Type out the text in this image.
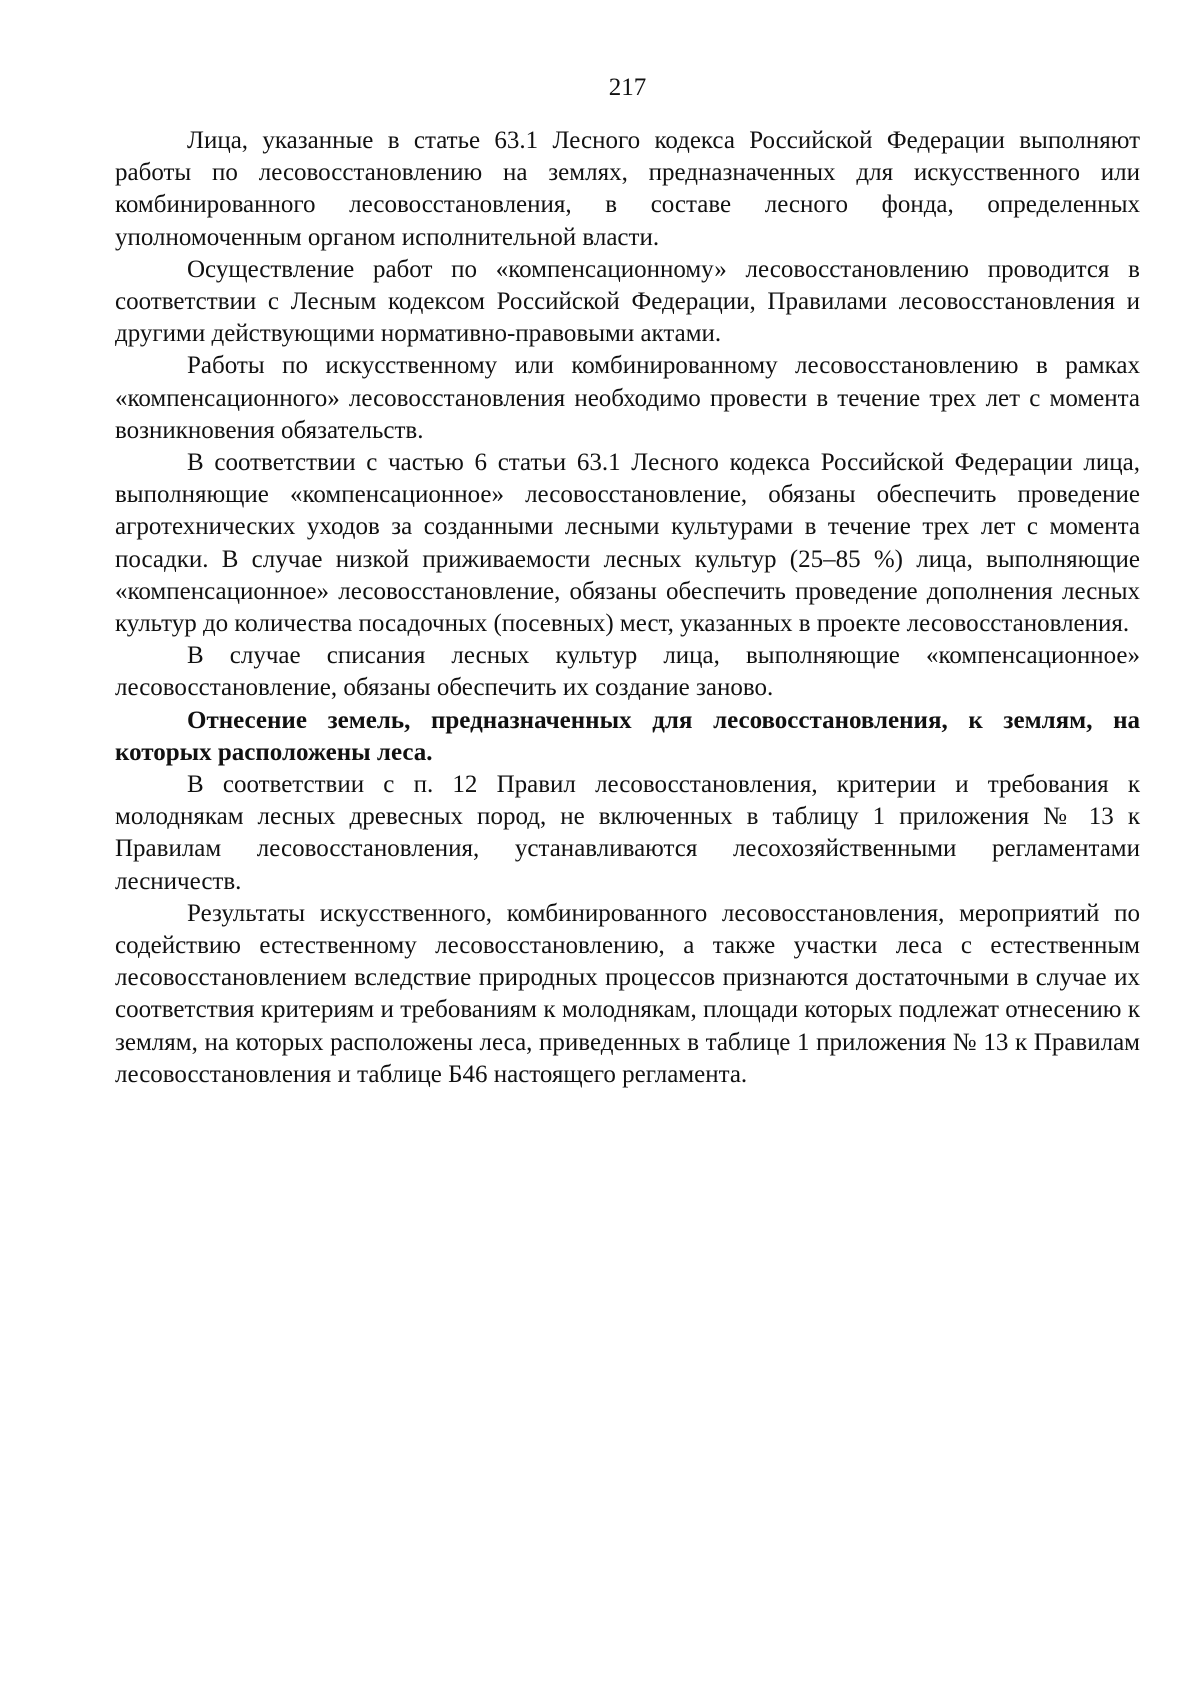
217

Лица, указанные в статье 63.1 Лесного кодекса Российской Федерации выполняют работы по лесовосстановлению на землях, предназначенных для искусственного или комбинированного лесовосстановления, в составе лесного фонда, определенных уполномоченным органом исполнительной власти.

Осуществление работ по «компенсационному» лесовосстановлению проводится в соответствии с Лесным кодексом Российской Федерации, Правилами лесовосстановления и другими действующими нормативно-правовыми актами.

Работы по искусственному или комбинированному лесовосстановлению в рамках «компенсационного» лесовосстановления необходимо провести в течение трех лет с момента возникновения обязательств.

В соответствии с частью 6 статьи 63.1 Лесного кодекса Российской Федерации лица, выполняющие «компенсационное» лесовосстановление, обязаны обеспечить проведение агротехнических уходов за созданными лесными культурами в течение трех лет с момента посадки. В случае низкой приживаемости лесных культур (25–85 %) лица, выполняющие «компенсационное» лесовосстановление, обязаны обеспечить проведение дополнения лесных культур до количества посадочных (посевных) мест, указанных в проекте лесовосстановления.

В случае списания лесных культур лица, выполняющие «компенсационное» лесовосстановление, обязаны обеспечить их создание заново.

Отнесение земель, предназначенных для лесовосстановления, к землям, на которых расположены леса.

В соответствии с п. 12 Правил лесовосстановления, критерии и требования к молоднякам лесных древесных пород, не включенных в таблицу 1 приложения № 13 к Правилам лесовосстановления, устанавливаются лесохозяйственными регламентами лесничеств.

Результаты искусственного, комбинированного лесовосстановления, мероприятий по содействию естественному лесовосстановлению, а также участки леса с естественным лесовосстановлением вследствие природных процессов признаются достаточными в случае их соответствия критериям и требованиям к молоднякам, площади которых подлежат отнесению к землям, на которых расположены леса, приведенных в таблице 1 приложения № 13 к Правилам лесовосстановления и таблице Б46 настоящего регламента.
